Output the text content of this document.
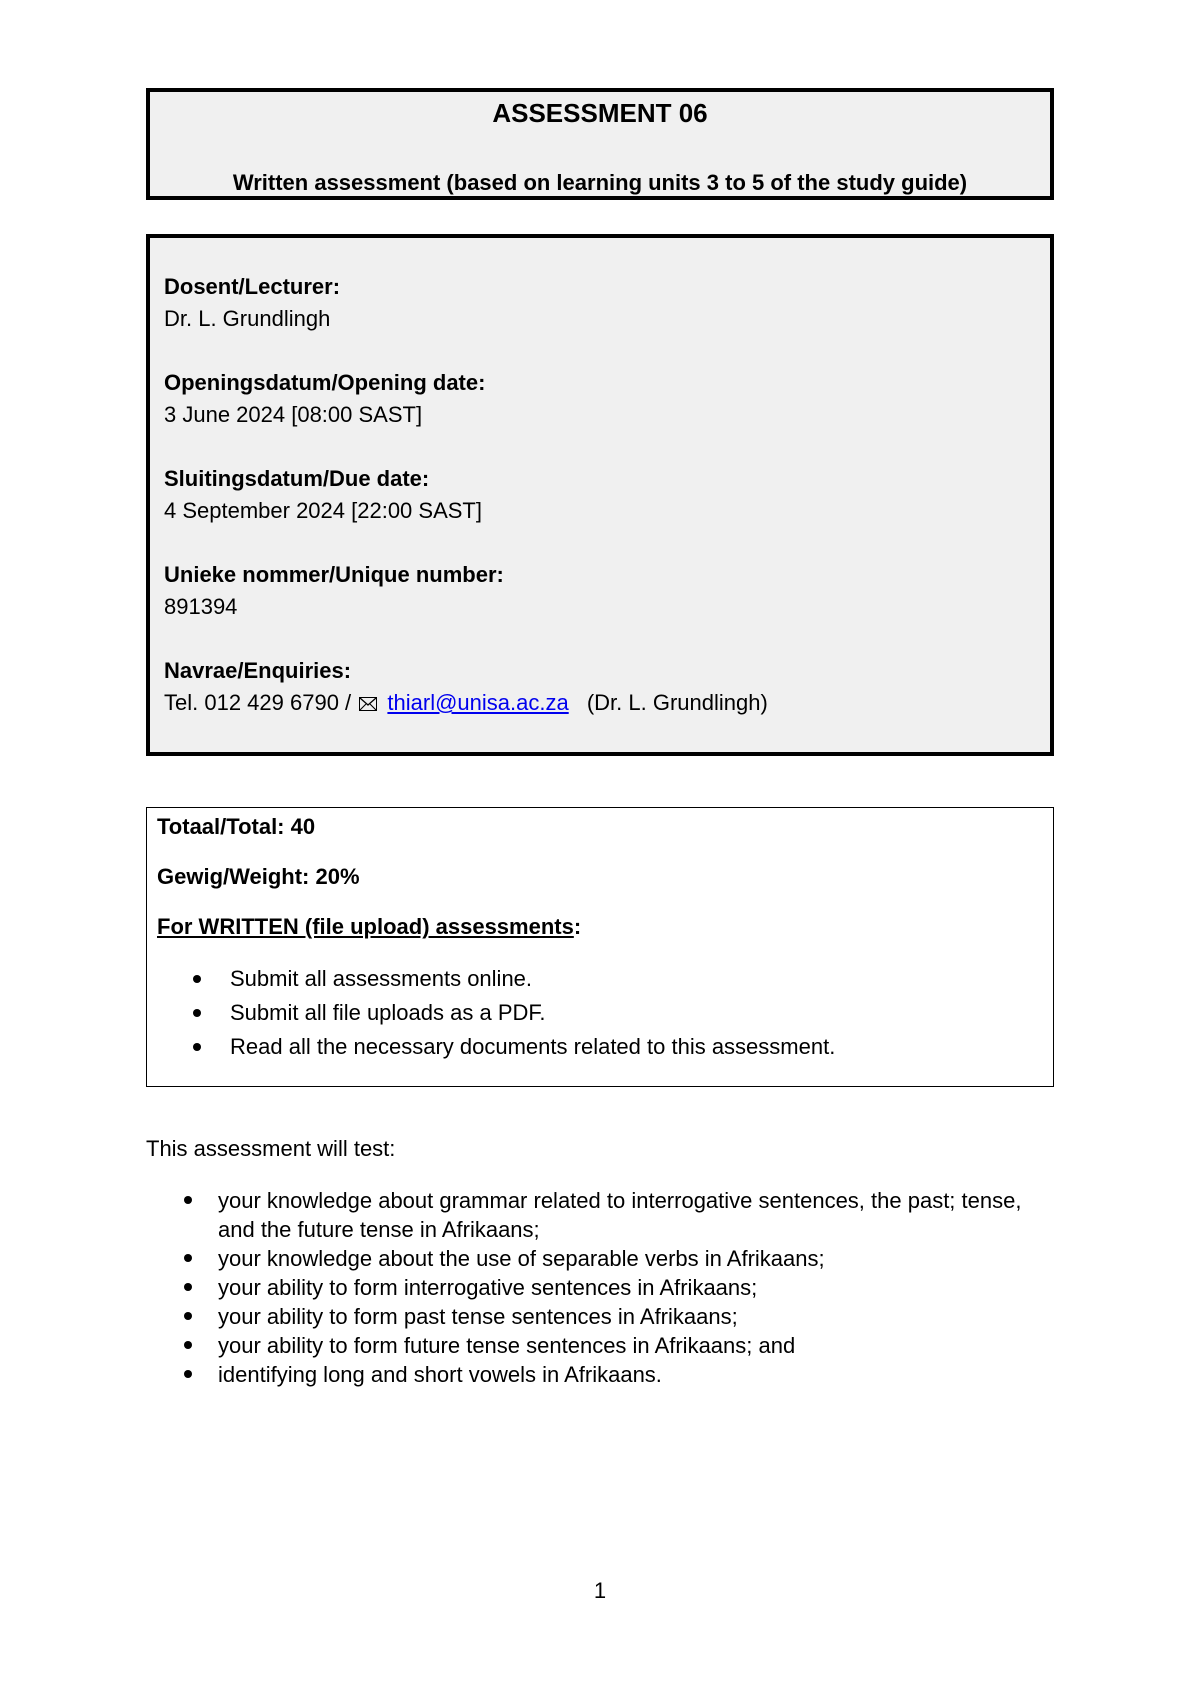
ASSESSMENT 06
Written assessment (based on learning units 3 to 5 of the study guide)
Dosent/Lecturer:
Dr. L. Grundlingh
Openingsdatum/Opening date:
3 June 2024 [08:00 SAST]
Sluitingsdatum/Due date:
4 September 2024 [22:00 SAST]
Unieke nommer/Unique number:
891394
Navrae/Enquiries:
Tel. 012 429 6790 / thiarl@unisa.ac.za (Dr. L. Grundlingh)
Totaal/Total: 40
Gewig/Weight: 20%
For WRITTEN (file upload) assessments:
Submit all assessments online.
Submit all file uploads as a PDF.
Read all the necessary documents related to this assessment.
This assessment will test:
your knowledge about grammar related to interrogative sentences, the past; tense, and the future tense in Afrikaans;
your knowledge about the use of separable verbs in Afrikaans;
your ability to form interrogative sentences in Afrikaans;
your ability to form past tense sentences in Afrikaans;
your ability to form future tense sentences in Afrikaans; and
identifying long and short vowels in Afrikaans.
1
